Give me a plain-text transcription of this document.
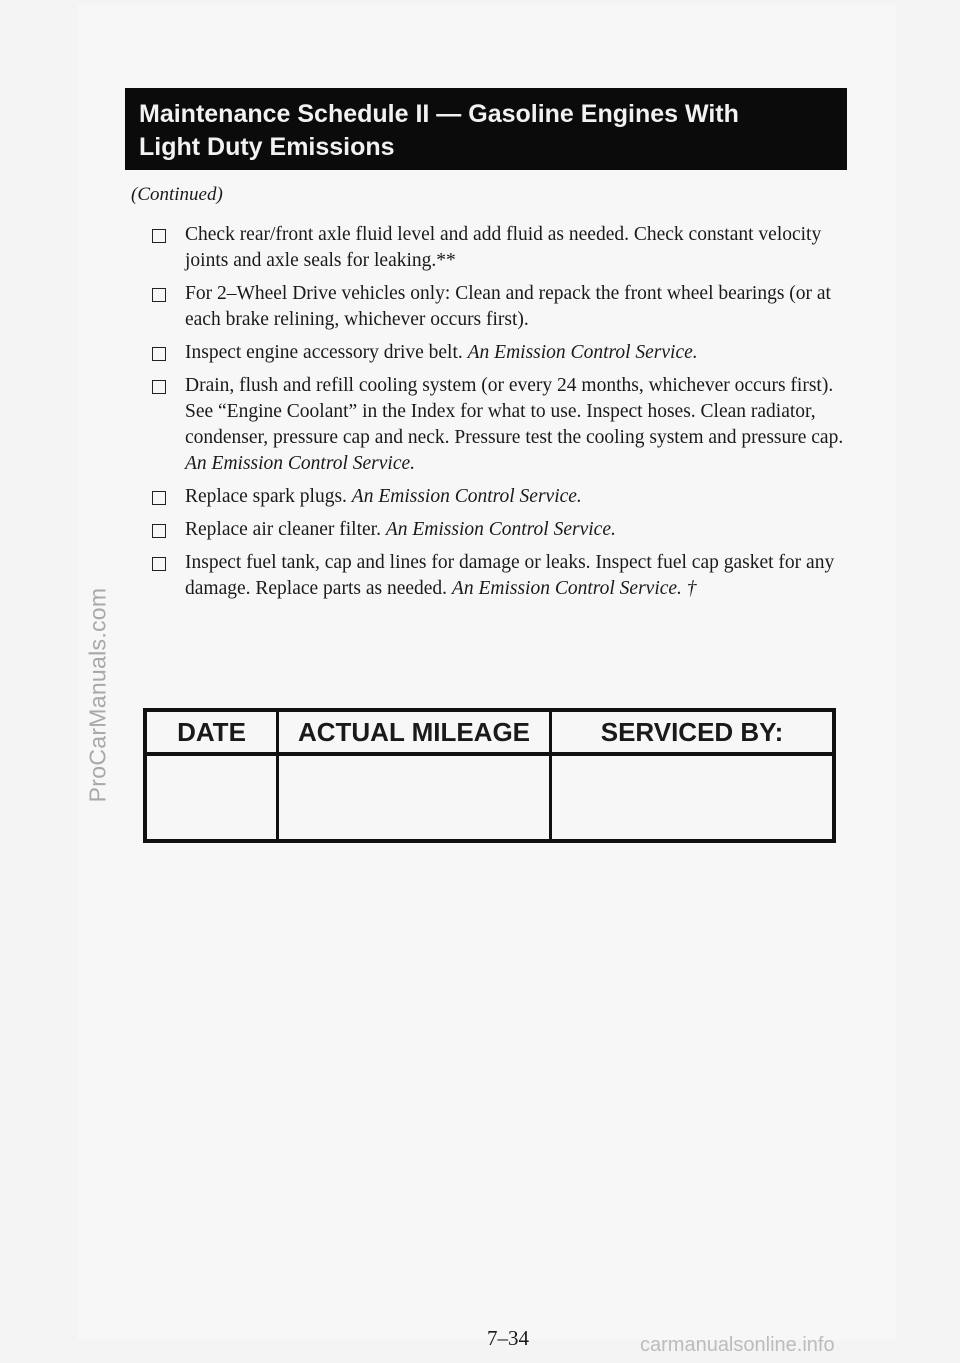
ProCarManuals.com
Maintenance Schedule II — Gasoline Engines With
Light Duty Emissions
(Continued)
Check rear/front axle fluid level and add fluid as needed. Check constant velocity joints and axle seals for leaking.**
For 2–Wheel Drive vehicles only: Clean and repack the front wheel bearings (or at each brake relining, whichever occurs first).
Inspect engine accessory drive belt. An Emission Control Service.
Drain, flush and refill cooling system (or every 24 months, whichever occurs first). See “Engine Coolant” in the Index for what to use. Inspect hoses. Clean radiator, condenser, pressure cap and neck. Pressure test the cooling system and pressure cap. An Emission Control Service.
Replace spark plugs. An Emission Control Service.
Replace air cleaner filter. An Emission Control Service.
Inspect fuel tank, cap and lines for damage or leaks. Inspect fuel cap gasket for any damage. Replace parts as needed. An Emission Control Service. †
DATE	ACTUAL MILEAGE	SERVICED BY:

7–34	carmanualsonline.info
